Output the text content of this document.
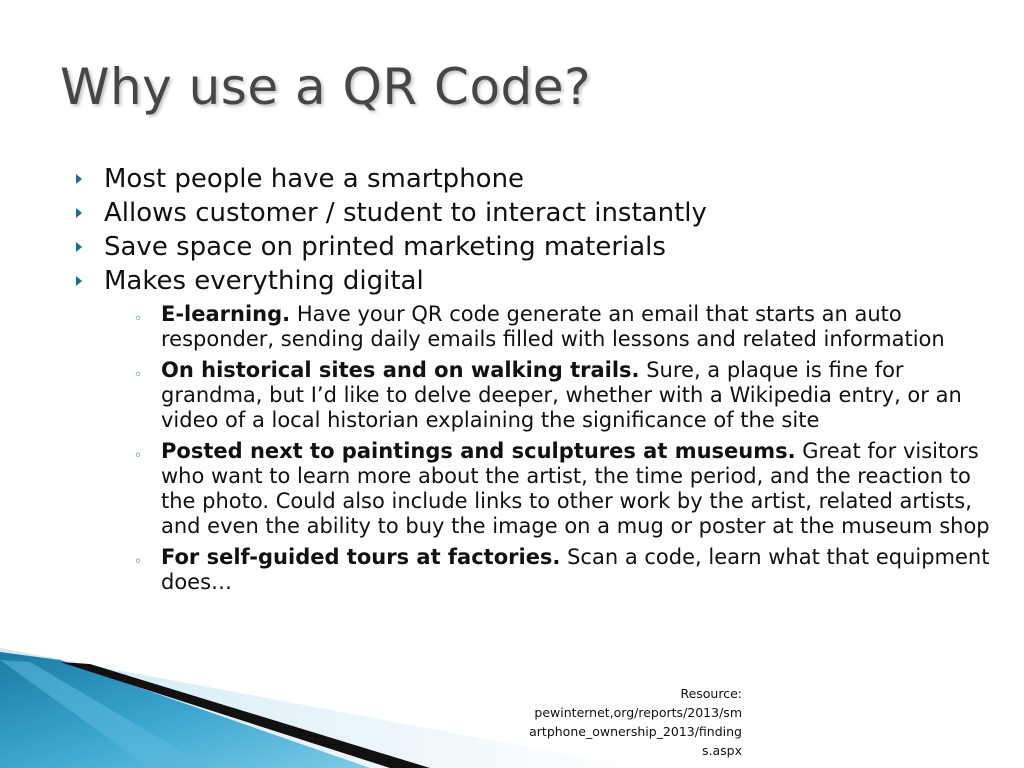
Why use a QR Code?
Most people have a smartphone
Allows customer / student to interact instantly
Save space on printed marketing materials
Makes everything digital
◦ E-learning. Have your QR code generate an email that starts an auto responder, sending daily emails filled with lessons and related information
◦ On historical sites and on walking trails. Sure, a plaque is fine for grandma, but I’d like to delve deeper, whether with a Wikipedia entry, or an video of a local historian explaining the significance of the site
◦ Posted next to paintings and sculptures at museums. Great for visitors who want to learn more about the artist, the time period, and the reaction to the photo. Could also include links to other work by the artist, related artists, and even the ability to buy the image on a mug or poster at the museum shop
◦ For self-guided tours at factories. Scan a code, learn what that equipment does…
Resource:
pewinternet,org/reports/2013/sm
artphone_ownership_2013/finding
s.aspx
